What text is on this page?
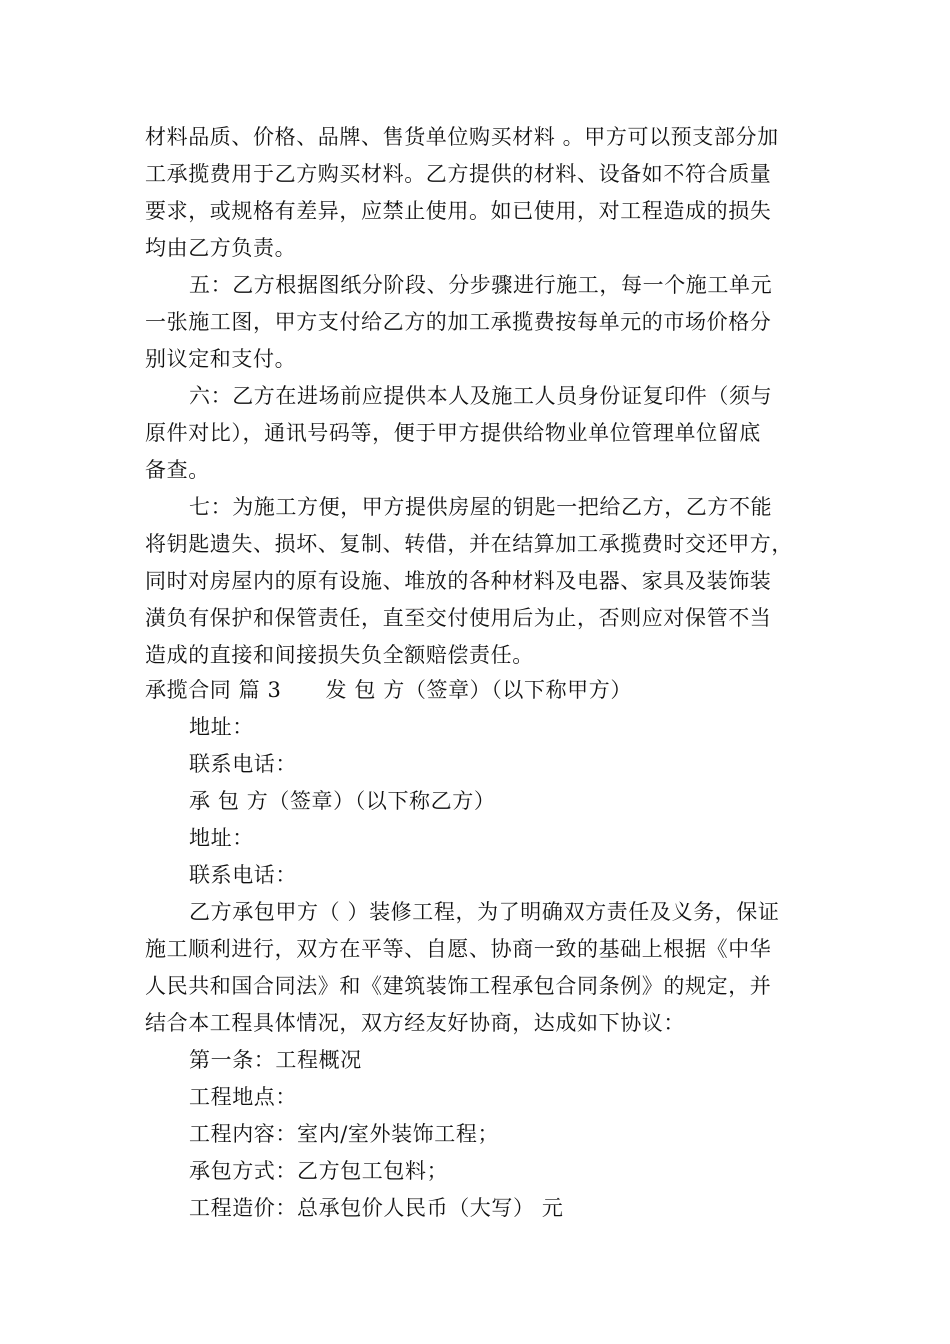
材料品质、价格、品牌、售货单位购买材料 。甲方可以预支部分加
工承揽费用于乙方购买材料。乙方提供的材料、设备如不符合质量
要求，或规格有差异，应禁止使用。如已使用，对工程造成的损失
均由乙方负责。
五：乙方根据图纸分阶段、分步骤进行施工，每一个施工单元
一张施工图，甲方支付给乙方的加工承揽费按每单元的市场价格分
别议定和支付。
六：乙方在进场前应提供本人及施工人员身份证复印件（须与
原件对比），通讯号码等，便于甲方提供给物业单位管理单位留底
备查。
七：为施工方便，甲方提供房屋的钥匙一把给乙方，乙方不能
将钥匙遗失、损坏、复制、转借，并在结算加工承揽费时交还甲方，
同时对房屋内的原有设施、堆放的各种材料及电器、家具及装饰装
潢负有保护和保管责任，直至交付使用后为止，否则应对保管不当
造成的直接和间接损失负全额赔偿责任。
承揽合同 篇 3 发 包 方（签章）（以下称甲方）
地址：
联系电话：
承 包 方（签章）（以下称乙方）
地址：
联系电话：
乙方承包甲方（ ）装修工程，为了明确双方责任及义务，保证
施工顺利进行，双方在平等、自愿、协商一致的基础上根据《中华
人民共和国合同法》和《建筑装饰工程承包合同条例》的规定，并
结合本工程具体情况，双方经友好协商，达成如下协议：
第一条：工程概况
工程地点：
工程内容：室内/室外装饰工程；
承包方式：乙方包工包料；
工程造价：总承包价人民币（大写） 元
